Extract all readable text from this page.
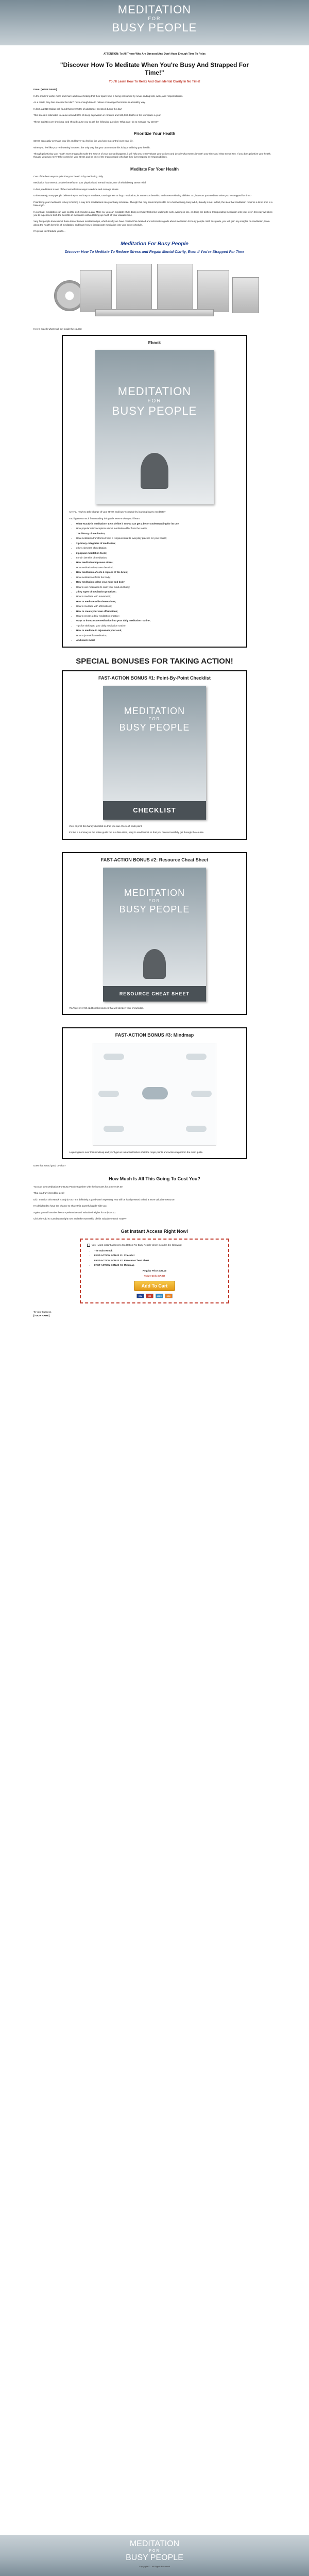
MEDITATION
FOR
BUSY PEOPLE
ATTENTION: To All Those Who Are Stressed And Don't Have Enough Time To Relax
"Discover How To Meditate When You're Busy And Strapped For Time!"
You'll Learn How To Relax And Gain Mental Clarity In No Time!

From: [YOUR NAME]

In the modern world, more and more adults are finding that their spare time is being consumed by never-ending lists, work, and responsibilities.

As a result, they feel stressed but don't have enough time to relieve or manage that stress in a healthy way.

In fact, a 2018 Gallup poll found that over 50% of adults feel stressed during the day!

This stress is estimated to cause around 80% of sleep deprivation in America and 120,000 deaths in the workplace a year.

These statistics are shocking, and should cause you to ask the following question: What can I do to manage my stress?

Prioritize Your Health

Stress can easily overtake your life and leave you feeling like you have no control over your life.

When you feel like you're drowning in stress, the only way that you can combat this is by prioritizing your health.

Though prioritizing your health won't magically make the source of your stress disappear, it will help you to reevaluate your actions and decide what stress is worth your time and what stress isn't. If you don't prioritize your health, though, you may never take control of your stress and be one of the many people who has their lives trapped by responsibilities.

Meditate For Your Health

One of the best ways to prioritize your health is by meditating daily.

Meditation has several positive benefits on your physical and mental health, one of which being stress relief.

In fact, meditation is one of the most effective ways to reduce and manage stress.

Unfortunately, many people believe they're too busy to meditate, causing them to forgo meditation, its numerous benefits, and stress-relieving abilities. So, how can you meditate when you're strapped for time?

Prioritizing your meditation is key to finding a way to fit meditations into your busy schedule. Though this may sound impossible for a hardworking, busy adult, it really is not. In fact, the idea that meditation requires a lot of time is a false myth.

In contrast, meditation can take as little as 5 minutes a day. More so, you can meditate while doing everyday tasks like walking to work, waiting in line, or doing the dishes. Incorporating meditation into your life in this way will allow you to experience both the benefits of meditation without taking up much of your valuable time.

Very few people know about these lesser-known meditation tips, which is why we have created this detailed and informative guide about meditation for busy people. With this guide, you will gain key insights on meditation, learn about the health benefits of meditation, and learn how to incorporate meditation into your busy schedule.

I'm proud to introduce you to...

Meditation For Busy People
Discover How To Meditate To Reduce Stress and Regain Mental Clarity, Even If You're Strapped For Time

Here's exactly what you'll get inside the course:

Ebook
MEDITATION
FOR
BUSY PEOPLE

Are you ready to take charge of your stress and busy schedule by learning how to meditate?

You'll gain so much from reading this guide. Here's what you'll learn:

• What exactly is meditation? Let's define it so you can get a better understanding for its use;
• How popular misconceptions about meditation differ from the reality;
• The history of meditation;
• How meditation transformed from a religious ritual to everyday practice for your health;
• 2 primary categories of meditation;
• 3 key elements of meditation;
• 2 popular meditation tools;
• 8 main benefits of meditation;
• How meditation improves stress;
• How meditation improves the mind;
• How meditation affects 4 regions of the brain;
• How meditation affects the body;
• How meditation calms your mind and body;
• How to use meditation to calm your mind and body;
• 2 key types of meditation practices;
• How to meditate with movement;
• How to meditate with observations;
• How to meditate with affirmations;
• How to create your own affirmations;
• How to create a daily meditation practice;
• Ways to incorporate meditation into your daily meditation routine;
• Tips for sticking to your daily meditation routine;
• How to meditate to rejuvenate your soul;
• How to journal for meditation;
• And much more!
SPECIAL BONUSES FOR TAKING ACTION!
FAST-ACTION BONUS #1: Point-By-Point Checklist
MEDITATION
FOR
BUSY PEOPLE
CHECKLIST

View or print this handy checklist so that you can check off each point.

It's like a summary of the entire guide but in a bite-sized, easy to read format so that you can successfully get through the course.

FAST-ACTION BONUS #2: Resource Cheat Sheet
MEDITATION
FOR
BUSY PEOPLE
RESOURCE CHEAT SHEET

You'll get over 50 additional resources that will deepen your knowledge.

FAST-ACTION BONUS #3: Mindmap

A quick glance over this mindmap and you'll get an instant refresher of all the major points and action steps from the main guide.

Does that sound good or what?

How Much Is All This Going To Cost You?

You can own Meditation For Busy People together with the bonuses for a mere $7.00

That is a truly incredible deal!

Did I mention this eBook is only $7.00? It's definitely a good worth repeating. You will be hard-pressed to find a more valuable resource.

I'm delighted to have the chance to share this powerful guide with you.

Again, you will receive the comprehensive and valuable insights for only $7.00.

Click the Add To Cart button right now and take ownership of this valuable eBook TODAY!

Get Instant Access Right Now!

Yes! I want instant access to Meditation For Busy People which includes the following:

• The main eBook
• FAST-ACTION BONUS #1: Checklist
• FAST-ACTION BONUS #2: Resource Cheat Sheet
• FAST-ACTION BONUS #3: Mindmap

Regular Price: $27.00

Today Only: $7.00!

Add To Cart
VISA	MC	AMEX	DISC

To Your Success,

[YOUR NAME]

MEDITATION
FOR
BUSY PEOPLE
Copyright © - All Rights Reserved
